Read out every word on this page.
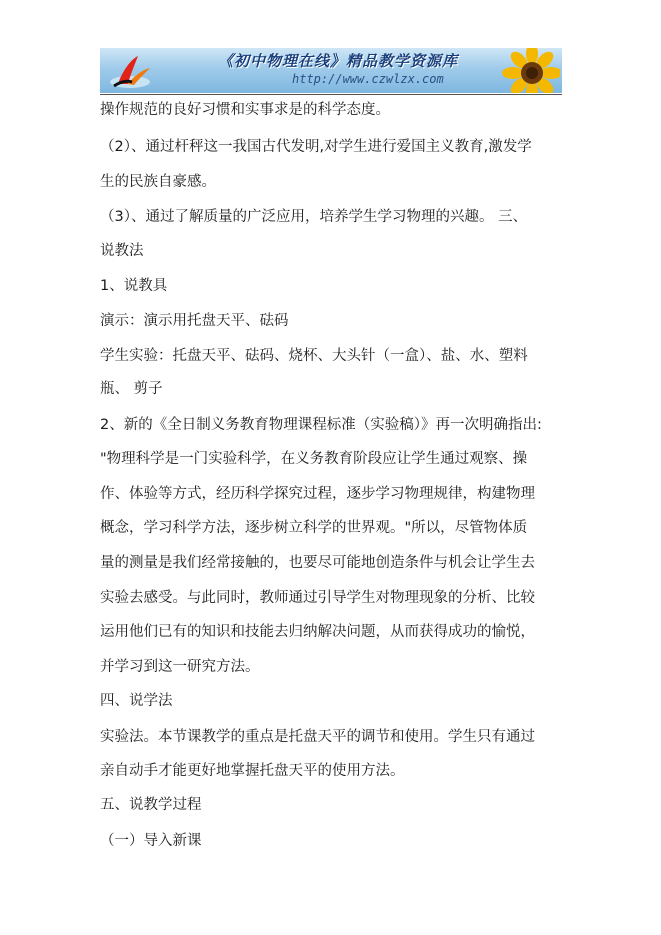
《初中物理在线》精品教学资源库
http://www.czwlzx.com

操作规范的良好习惯和实事求是的科学态度。

（2）、通过杆秤这一我国古代发明,对学生进行爱国主义教育,激发学

生的民族自豪感。

（3）、通过了解质量的广泛应用，培养学生学习物理的兴趣。 三、

说教法

1、说教具

演示：演示用托盘天平、砝码

学生实验：托盘天平、砝码、烧杯、大头针（一盒）、盐、水、塑料

瓶、 剪子

2、新的《全日制义务教育物理课程标准（实验稿）》再一次明确指出:

"物理科学是一门实验科学，在义务教育阶段应让学生通过观察、操

作、体验等方式，经历科学探究过程，逐步学习物理规律，构建物理

概念，学习科学方法，逐步树立科学的世界观。"所以，尽管物体质

量的测量是我们经常接触的，也要尽可能地创造条件与机会让学生去

实验去感受。与此同时，教师通过引导学生对物理现象的分析、比较

运用他们已有的知识和技能去归纳解决问题，从而获得成功的愉悦，

并学习到这一研究方法。

四、说学法

实验法。本节课教学的重点是托盘天平的调节和使用。学生只有通过

亲自动手才能更好地掌握托盘天平的使用方法。

五、说教学过程

（一）导入新课
